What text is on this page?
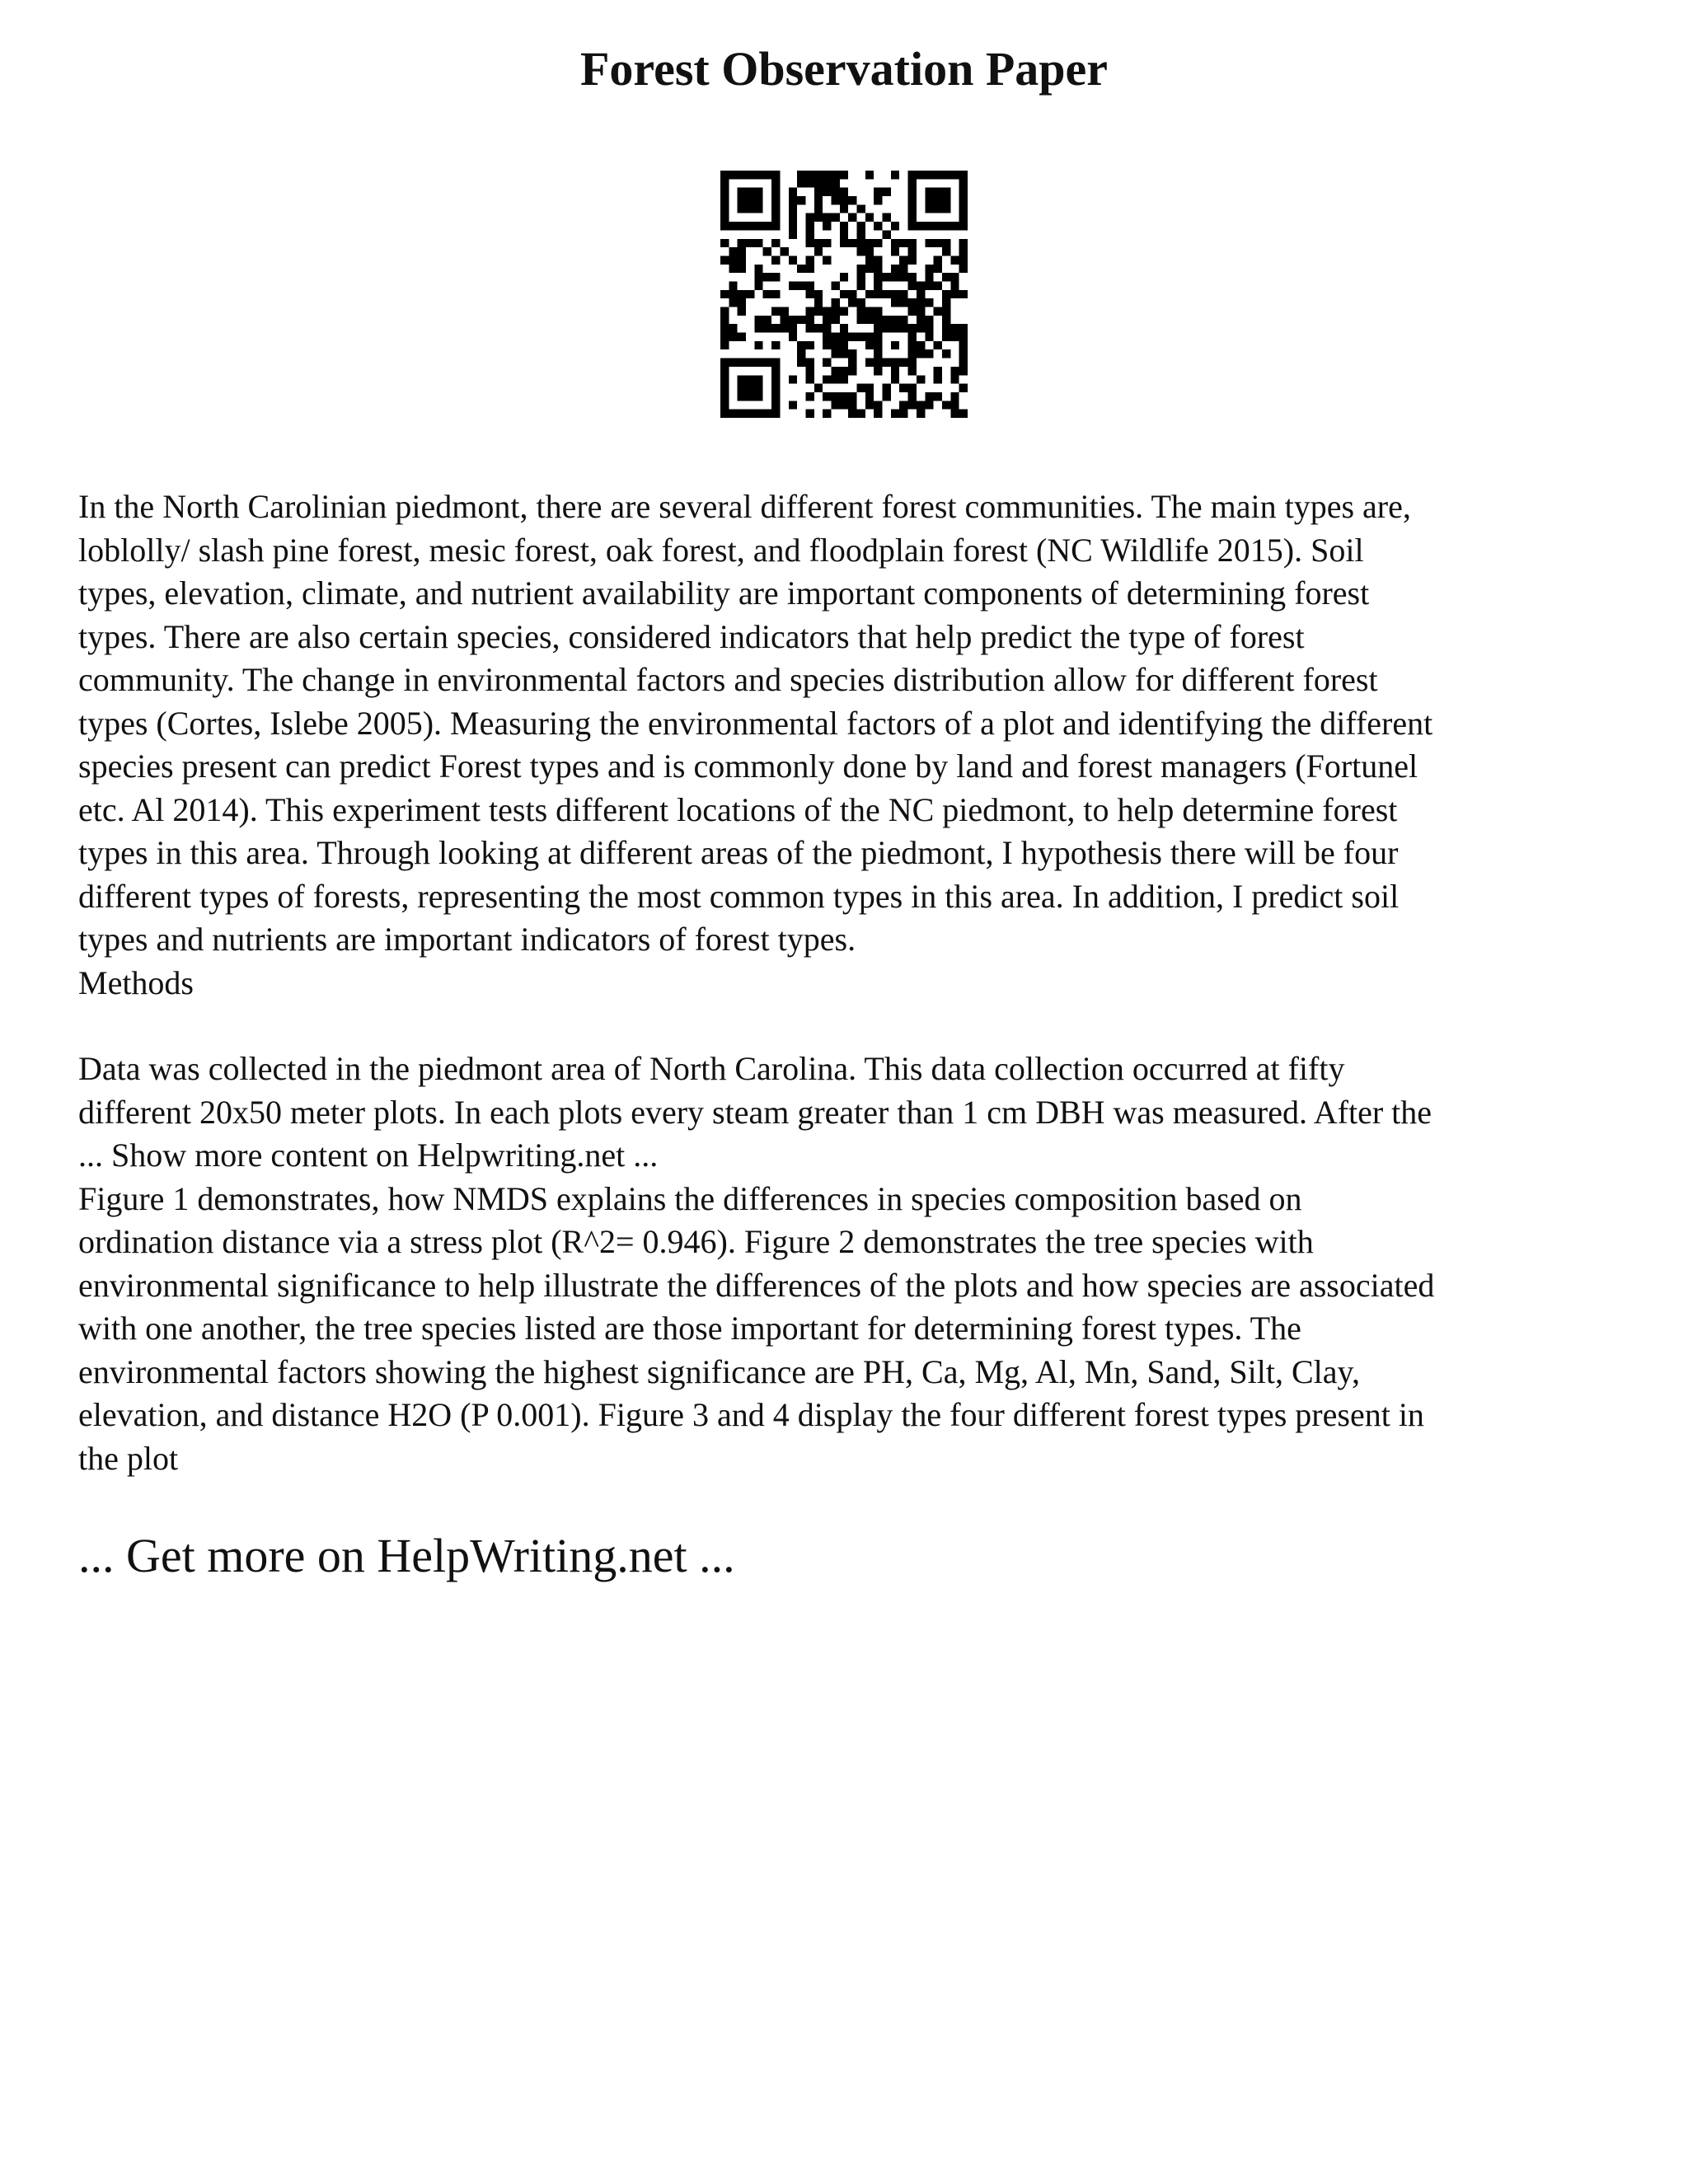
Forest Observation Paper
In the North Carolinian piedmont, there are several different forest communities. The main types are,
loblolly/ slash pine forest, mesic forest, oak forest, and floodplain forest (NC Wildlife 2015). Soil
types, elevation, climate, and nutrient availability are important components of determining forest
types. There are also certain species, considered indicators that help predict the type of forest
community. The change in environmental factors and species distribution allow for different forest
types (Cortes, Islebe 2005). Measuring the environmental factors of a plot and identifying the different
species present can predict Forest types and is commonly done by land and forest managers (Fortunel
etc. Al 2014). This experiment tests different locations of the NC piedmont, to help determine forest
types in this area. Through looking at different areas of the piedmont, I hypothesis there will be four
different types of forests, representing the most common types in this area. In addition, I predict soil
types and nutrients are important indicators of forest types.
Methods
Data was collected in the piedmont area of North Carolina. This data collection occurred at fifty
different 20x50 meter plots. In each plots every steam greater than 1 cm DBH was measured. After the
... Show more content on Helpwriting.net ...
Figure 1 demonstrates, how NMDS explains the differences in species composition based on
ordination distance via a stress plot (R^2= 0.946). Figure 2 demonstrates the tree species with
environmental significance to help illustrate the differences of the plots and how species are associated
with one another, the tree species listed are those important for determining forest types. The
environmental factors showing the highest significance are PH, Ca, Mg, Al, Mn, Sand, Silt, Clay,
elevation, and distance H2O (P 0.001). Figure 3 and 4 display the four different forest types present in
the plot

... Get more on HelpWriting.net ...
